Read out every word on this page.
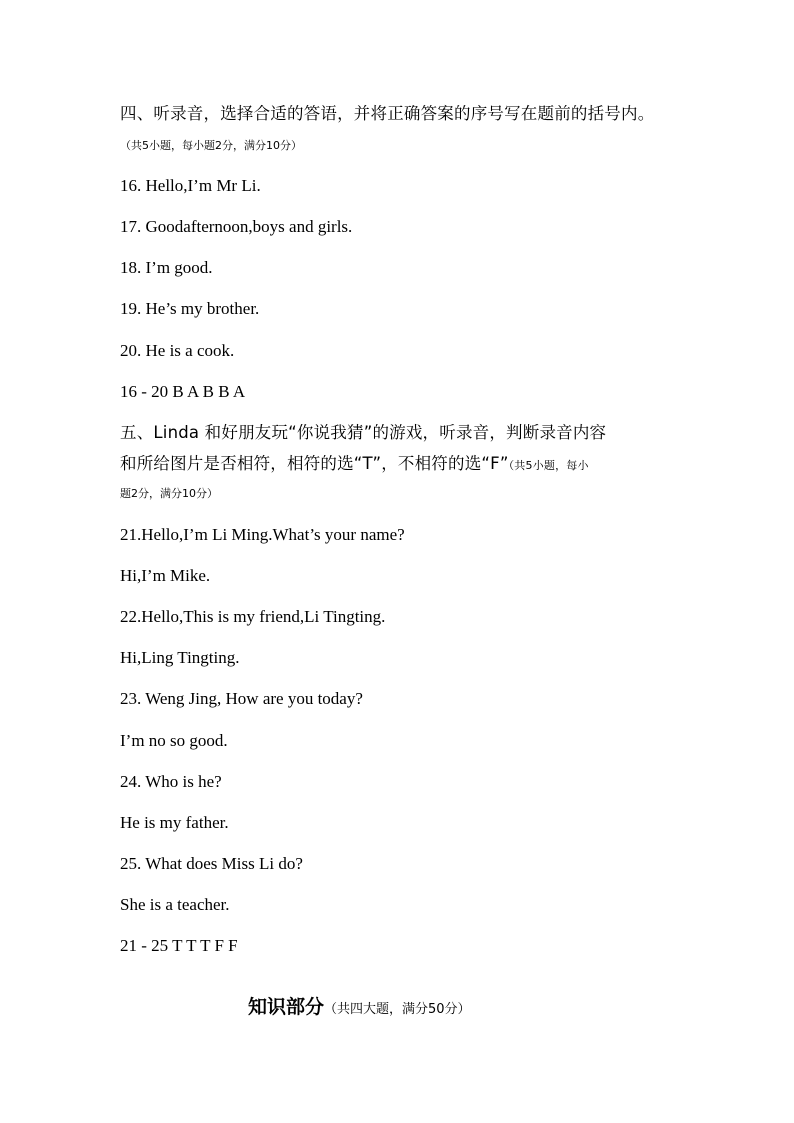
四、听录音，选择合适的答语，并将正确答案的序号写在题前的括号内。
（共5小题，每小题2分，满分10分）
16. Hello,I’m Mr Li.
17. Goodafternoon,boys and girls.
18. I’m good.
19. He’s my brother.
20. He is a cook.
16 - 20 B A B B A
五、Linda 和好朋友玩“你说我猜”的游戏，听录音，判断录音内容
和所给图片是否相符，相符的选“T”，不相符的选“F”（共5小题，每小
题2分，满分10分）
21.Hello,I’m Li Ming.What’s your name?
Hi,I’m Mike.
22.Hello,This is my friend,Li Tingting.
Hi,Ling Tingting.
23. Weng Jing, How are you today?
I’m no so good.
24. Who is he?
He is my father.
25. What does Miss Li do?
She is a teacher.
21 - 25 T T T F F
知识部分（共四大题，满分50分）
